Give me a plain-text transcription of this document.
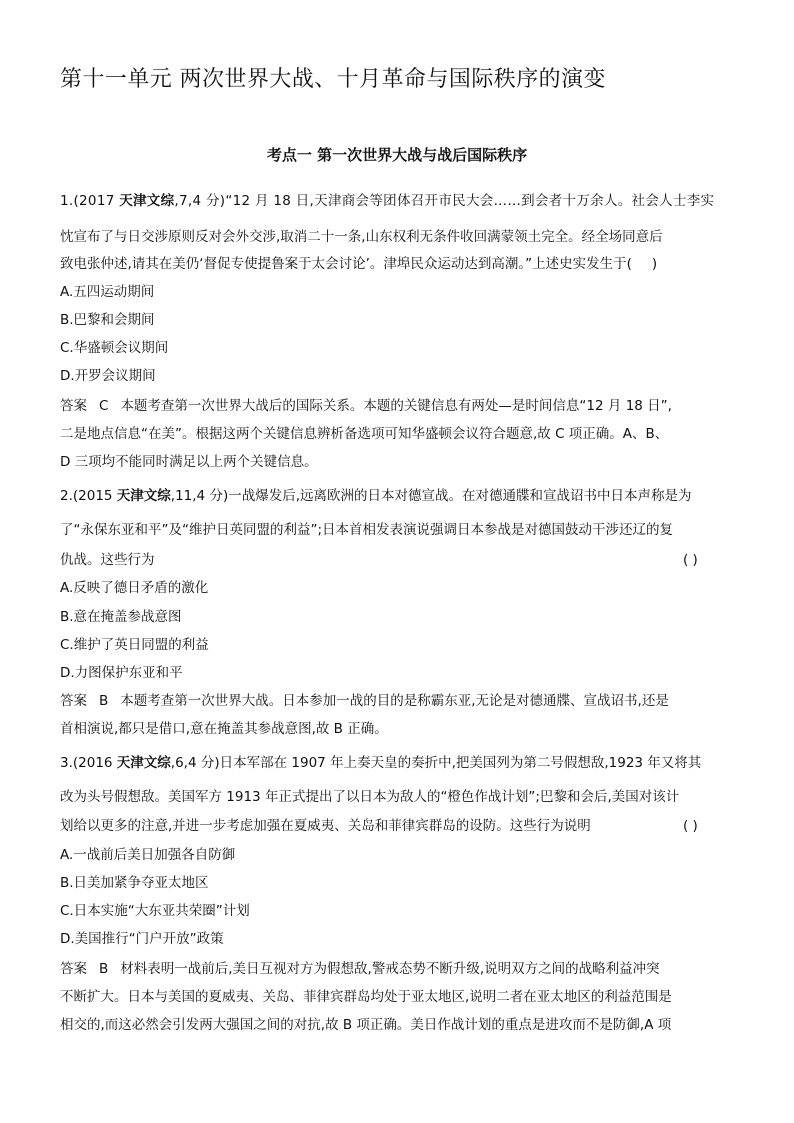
第十一单元 两次世界大战、十月革命与国际秩序的演变
考点一 第一次世界大战与战后国际秩序
1.(2017 天津文综,7,4 分)“12 月 18 日,天津商会等团体召开市民大会……到会者十万余人。社会人士李实
忱宣布了与日交涉原则反对会外交涉,取消二十一条,山东权利无条件收回满蒙领土完全。经全场同意后
致电张仲述,请其在美仍‘督促专使提鲁案于太会讨论’。津埠民众运动达到高潮。”上述史实发生于( )
A.五四运动期间
B.巴黎和会期间
C.华盛顿会议期间
D.开罗会议期间
答案 C 本题考查第一次世界大战后的国际关系。本题的关键信息有两处—是时间信息“12 月 18 日”,
二是地点信息“在美”。根据这两个关键信息辨析备选项可知华盛顿会议符合题意,故 C 项正确。A、B、
D 三项均不能同时满足以上两个关键信息。
2.(2015 天津文综,11,4 分)一战爆发后,远离欧洲的日本对德宣战。在对德通牒和宣战诏书中日本声称是为
了“永保东亚和平”及“维护日英同盟的利益”;日本首相发表演说强调日本参战是对德国鼓动干涉还辽的复
仇战。这些行为	( )
A.反映了德日矛盾的激化
B.意在掩盖参战意图
C.维护了英日同盟的利益
D.力图保护东亚和平
答案 B 本题考查第一次世界大战。日本参加一战的目的是称霸东亚,无论是对德通牒、宣战诏书,还是
首相演说,都只是借口,意在掩盖其参战意图,故 B 正确。
3.(2016 天津文综,6,4 分)日本军部在 1907 年上奏天皇的奏折中,把美国列为第二号假想敌,1923 年又将其
改为头号假想敌。美国军方 1913 年正式提出了以日本为敌人的“橙色作战计划”;巴黎和会后,美国对该计
划给以更多的注意,并进一步考虑加强在夏威夷、关岛和菲律宾群岛的设防。这些行为说明	( )
A.一战前后美日加强各自防御
B.日美加紧争夺亚太地区
C.日本实施“大东亚共荣圈”计划
D.美国推行“门户开放”政策
答案 B 材料表明一战前后,美日互视对方为假想敌,警戒态势不断升级,说明双方之间的战略利益冲突
不断扩大。日本与美国的夏威夷、关岛、菲律宾群岛均处于亚太地区,说明二者在亚太地区的利益范围是
相交的,而这必然会引发两大强国之间的对抗,故 B 项正确。美日作战计划的重点是进攻而不是防御,A 项
